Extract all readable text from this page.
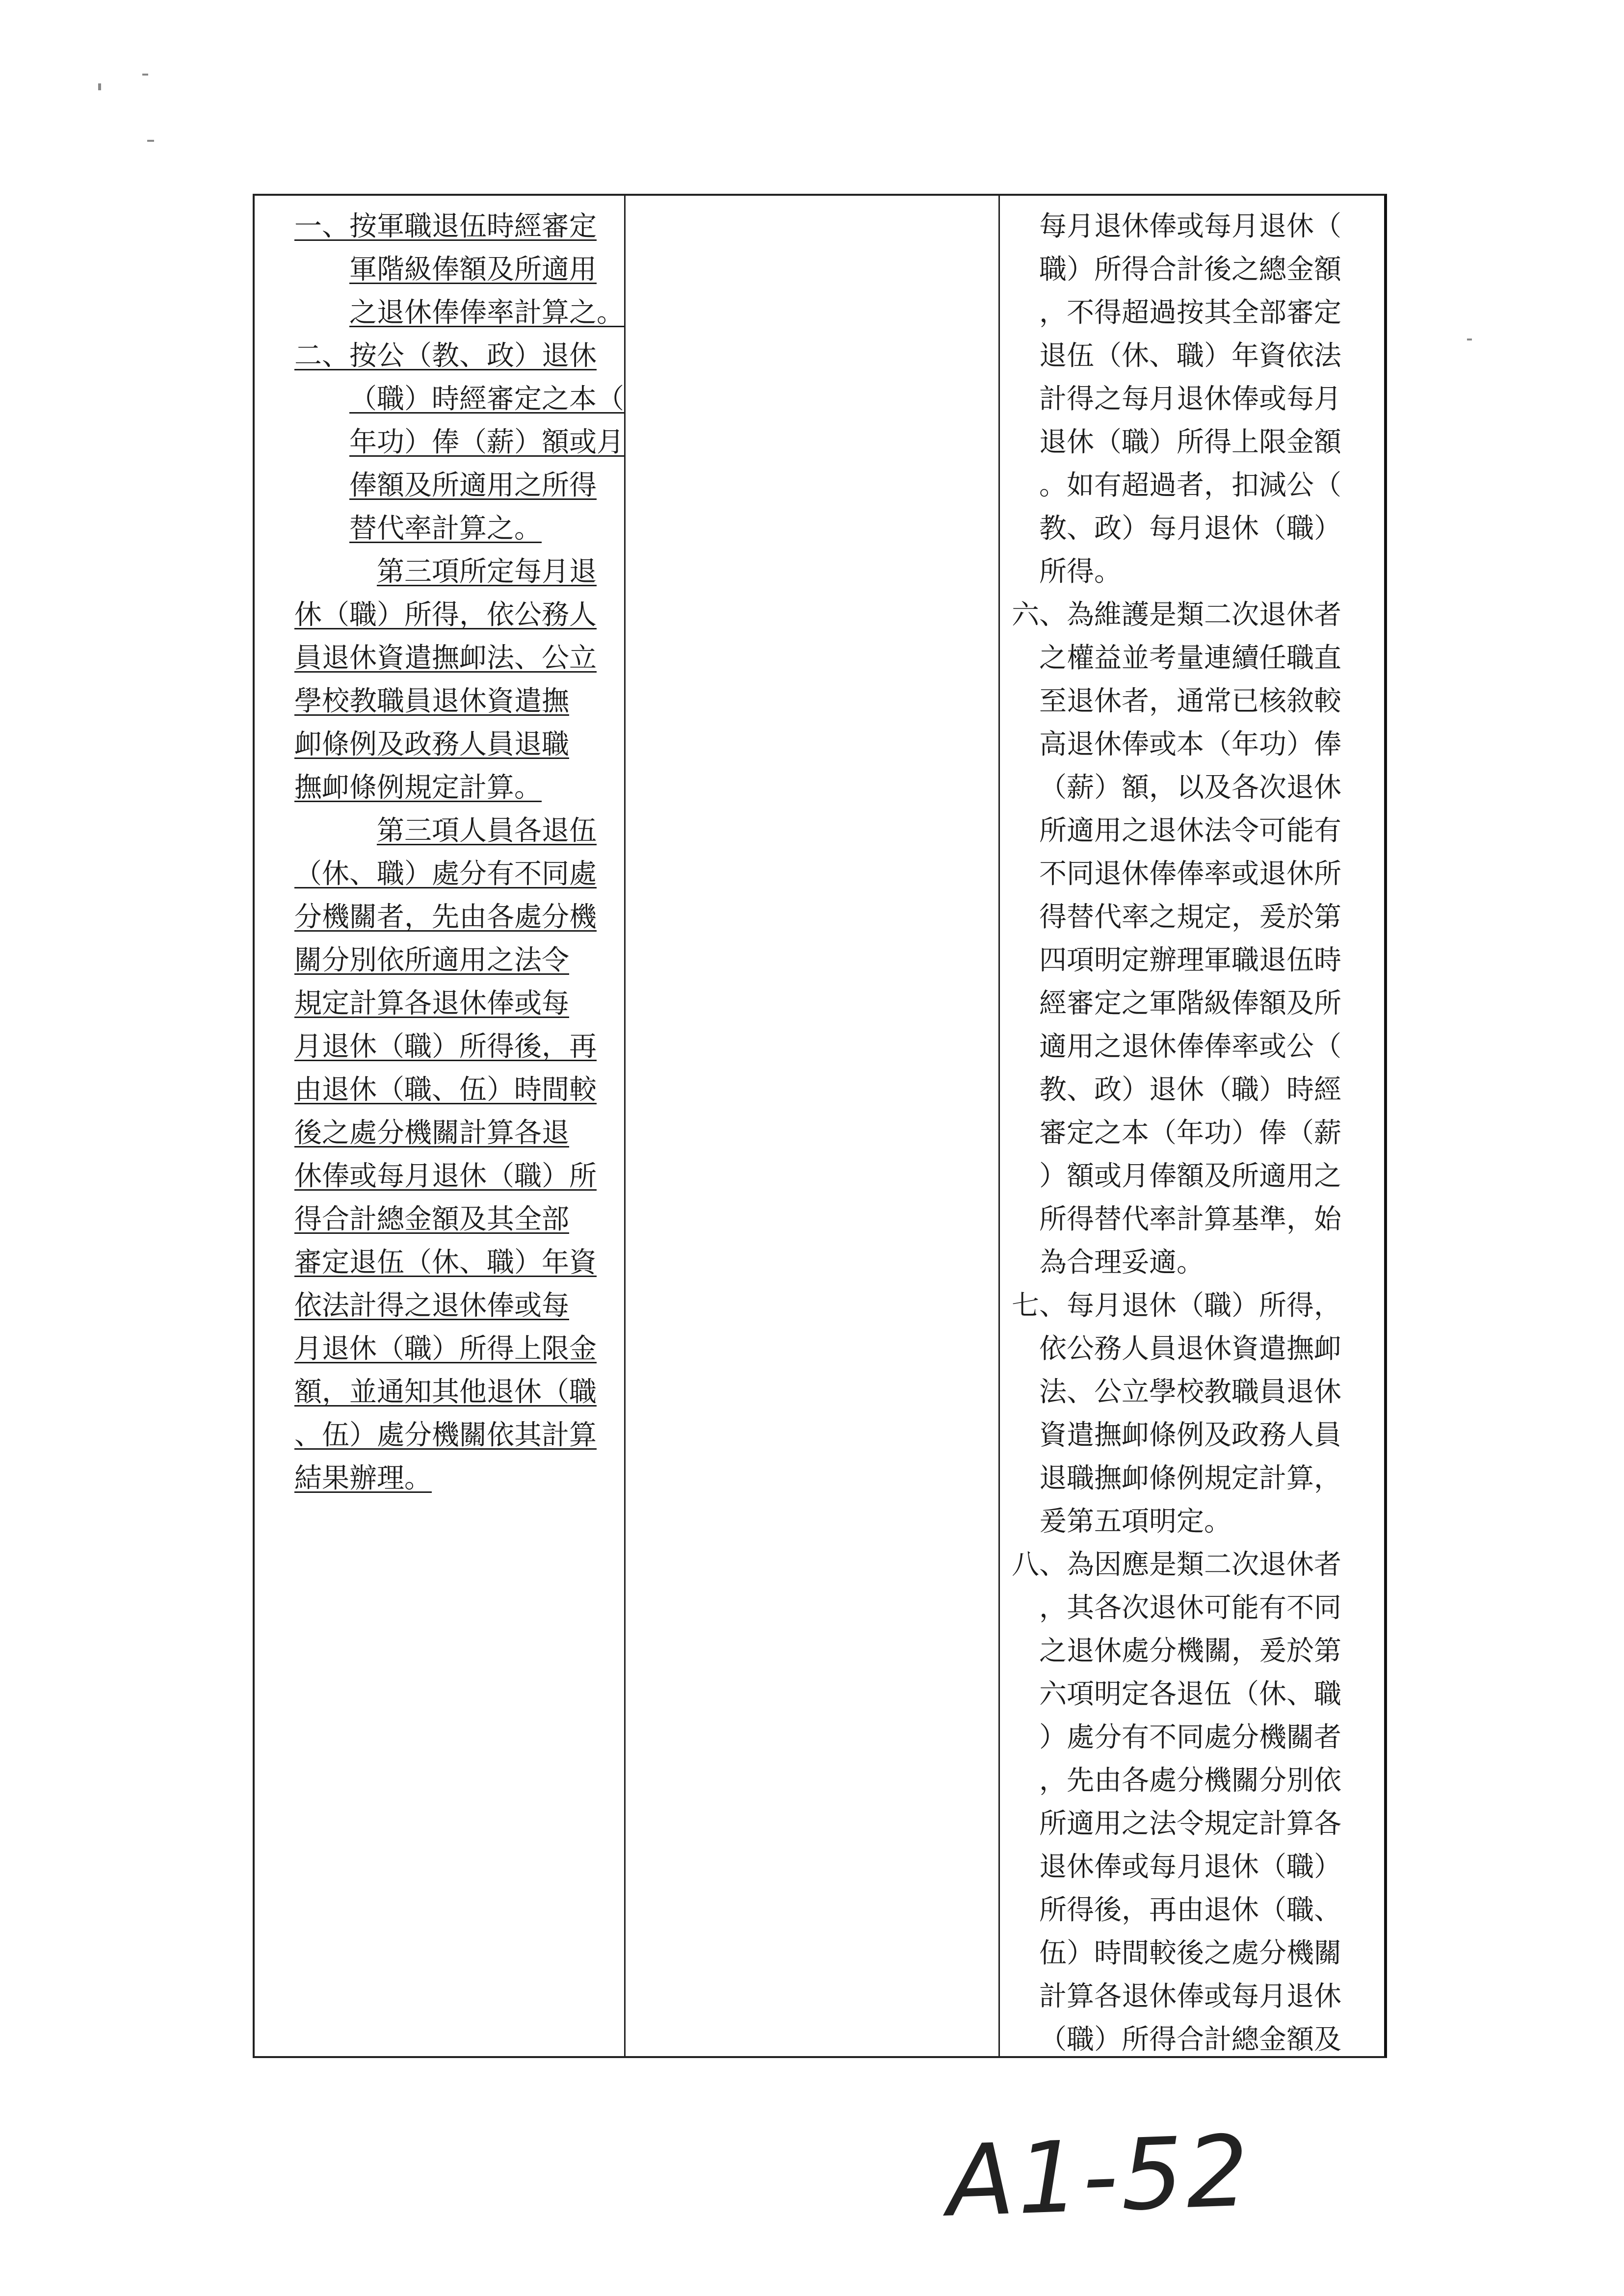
一、按軍職退伍時經審定
軍階級俸額及所適用
之退休俸俸率計算之。
二、按公（教、政）退休
（職）時經審定之本（
年功）俸（薪）額或月
俸額及所適用之所得
替代率計算之。
第三項所定每月退
休（職）所得，依公務人
員退休資遣撫卹法、公立
學校教職員退休資遣撫
卹條例及政務人員退職
撫卹條例規定計算。
第三項人員各退伍
（休、職）處分有不同處
分機關者，先由各處分機
關分別依所適用之法令
規定計算各退休俸或每
月退休（職）所得後，再
由退休（職、伍）時間較
後之處分機關計算各退
休俸或每月退休（職）所
得合計總金額及其全部
審定退伍（休、職）年資
依法計得之退休俸或每
月退休（職）所得上限金
額，並通知其他退休（職
、伍）處分機關依其計算
結果辦理。
每月退休俸或每月退休（
職）所得合計後之總金額
，不得超過按其全部審定
退伍（休、職）年資依法
計得之每月退休俸或每月
退休（職）所得上限金額
。如有超過者，扣減公（
教、政）每月退休（職）
所得。
六、為維護是類二次退休者
之權益並考量連續任職直
至退休者，通常已核敘較
高退休俸或本（年功）俸
（薪）額，以及各次退休
所適用之退休法令可能有
不同退休俸俸率或退休所
得替代率之規定，爰於第
四項明定辦理軍職退伍時
經審定之軍階級俸額及所
適用之退休俸俸率或公（
教、政）退休（職）時經
審定之本（年功）俸（薪
）額或月俸額及所適用之
所得替代率計算基準，始
為合理妥適。
七、每月退休（職）所得，
依公務人員退休資遣撫卹
法、公立學校教職員退休
資遣撫卹條例及政務人員
退職撫卹條例規定計算，
爰第五項明定。
八、為因應是類二次退休者
，其各次退休可能有不同
之退休處分機關，爰於第
六項明定各退伍（休、職
）處分有不同處分機關者
，先由各處分機關分別依
所適用之法令規定計算各
退休俸或每月退休（職）
所得後，再由退休（職、
伍）時間較後之處分機關
計算各退休俸或每月退休
（職）所得合計總金額及
A1-52
